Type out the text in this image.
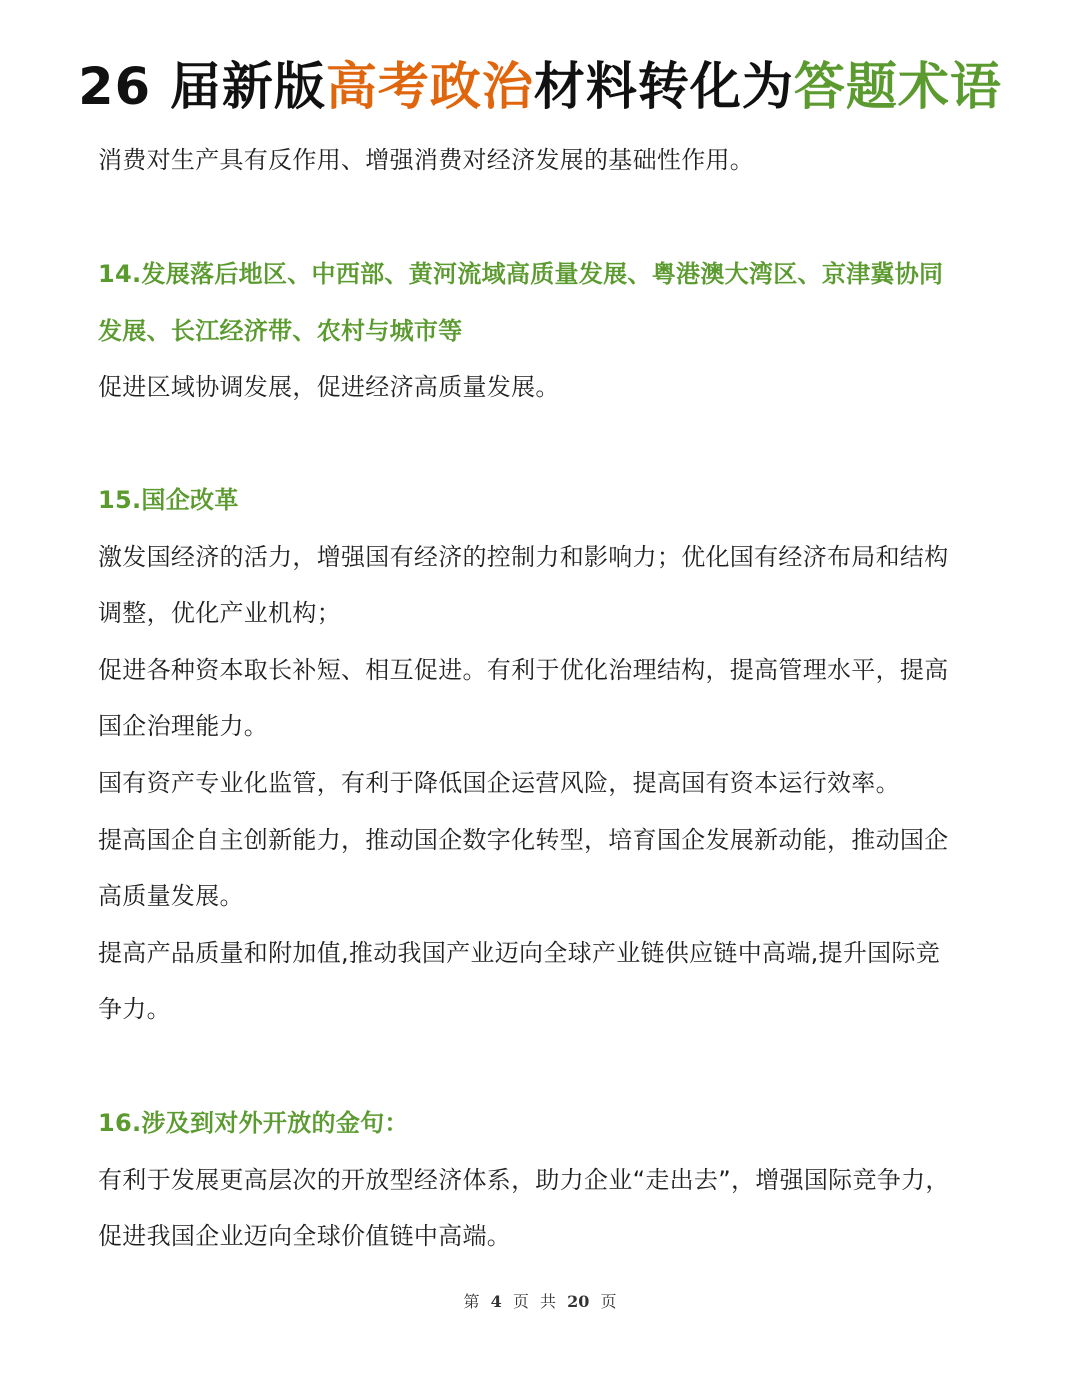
26 届新版高考政治材料转化为答题术语
消费对生产具有反作用、增强消费对经济发展的基础性作用。
14.发展落后地区、中西部、黄河流域高质量发展、粤港澳大湾区、京津冀协同
发展、长江经济带、农村与城市等
促进区域协调发展，促进经济高质量发展。
15.国企改革
激发国经济的活力，增强国有经济的控制力和影响力；优化国有经济布局和结构
调整，优化产业机构；
促进各种资本取长补短、相互促进。有利于优化治理结构，提高管理水平，提高
国企治理能力。
国有资产专业化监管，有利于降低国企运营风险，提高国有资本运行效率。
提高国企自主创新能力，推动国企数字化转型，培育国企发展新动能，推动国企
高质量发展。
提高产品质量和附加值,推动我国产业迈向全球产业链供应链中高端,提升国际竞
争力。
16.涉及到对外开放的金句：
有利于发展更高层次的开放型经济体系，助力企业“走出去”，增强国际竞争力，
促进我国企业迈向全球价值链中高端。
第 4 页 共 20 页
